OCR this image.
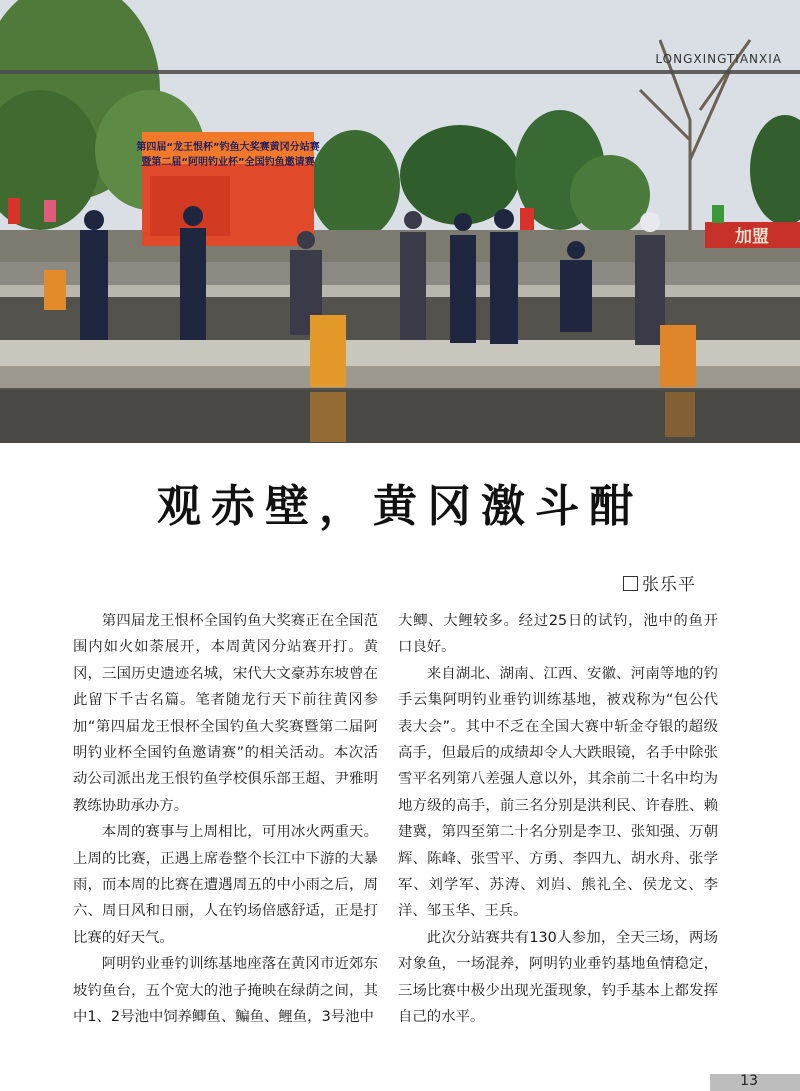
第四届“龙王恨杯”钓鱼大奖赛黄冈分站赛
暨第二届“阿明钓业杯”全国钓鱼邀请赛
加盟
LONGXINGTIANXIA
观赤壁，黄冈激斗酣
张乐平

第四届龙王恨杯全国钓鱼大奖赛正在全国范围内如火如荼展开，本周黄冈分站赛开打。黄冈，三国历史遗迹名城，宋代大文豪苏东坡曾在此留下千古名篇。笔者随龙行天下前往黄冈参加“第四届龙王恨杯全国钓鱼大奖赛暨第二届阿明钓业杯全国钓鱼邀请赛”的相关活动。本次活动公司派出龙王恨钓鱼学校俱乐部王超、尹雅明教练协助承办方。

本周的赛事与上周相比，可用冰火两重天。上周的比赛，正遇上席卷整个长江中下游的大暴雨，而本周的比赛在遭遇周五的中小雨之后，周六、周日风和日丽，人在钓场倍感舒适，正是打比赛的好天气。

阿明钓业垂钓训练基地座落在黄冈市近郊东坡钓鱼台，五个宽大的池子掩映在绿荫之间，其中1、2号池中饲养鲫鱼、鳊鱼、鲤鱼，3号池中

大鲫、大鲤较多。经过25日的试钓，池中的鱼开口良好。

来自湖北、湖南、江西、安徽、河南等地的钓手云集阿明钓业垂钓训练基地，被戏称为“包公代表大会”。其中不乏在全国大赛中斩金夺银的超级高手，但最后的成绩却令人大跌眼镜，名手中除张雪平名列第八差强人意以外，其余前二十名中均为地方级的高手，前三名分别是洪利民、许春胜、赖建冀，第四至第二十名分别是李卫、张知强、万朝辉、陈峰、张雪平、方勇、李四九、胡水舟、张学军、刘学军、苏涛、刘岿、熊礼全、侯龙文、李洋、邹玉华、王兵。

此次分站赛共有130人参加，全天三场，两场对象鱼，一场混养，阿明钓业垂钓基地鱼情稳定，三场比赛中极少出现光蛋现象，钓手基本上都发挥自己的水平。

13
